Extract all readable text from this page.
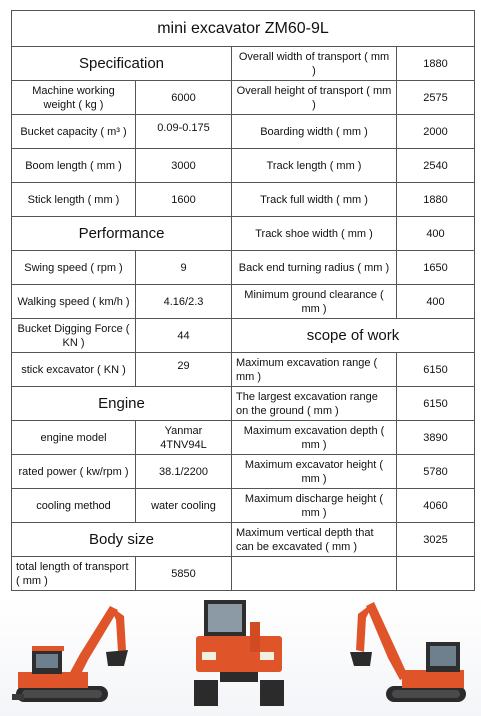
mini excavator ZM60-9L			
Specification		Overall width of transport ( mm )	1880
Machine working weight ( kg )	6000	Overall height of transport ( mm )	2575
Bucket capacity ( m³ )	0.09-0.175	Boarding width ( mm )	2000
Boom length ( mm )	3000	Track length ( mm )	2540
Stick length ( mm )	1600	Track full width ( mm )	1880
Performance		Track shoe width ( mm )	400
Swing speed ( rpm )	9	Back end turning radius ( mm )	1650
Walking speed ( km/h )	4.16/2.3	Minimum ground clearance ( mm )	400
Bucket Digging Force ( KN )	44	scope of work	
stick excavator ( KN )	29	Maximum excavation range ( mm )	6150
Engine		The largest excavation range on the ground ( mm )	6150
engine model	Yanmar 4TNV94L	Maximum excavation depth ( mm )	3890
rated power ( kw/rpm )	38.1/2200	Maximum excavator height ( mm )	5780
cooling method	water cooling	Maximum discharge height ( mm )	4060
Body size		Maximum vertical depth that can be excavated ( mm )	3025
total length of transport ( mm )	5850		
